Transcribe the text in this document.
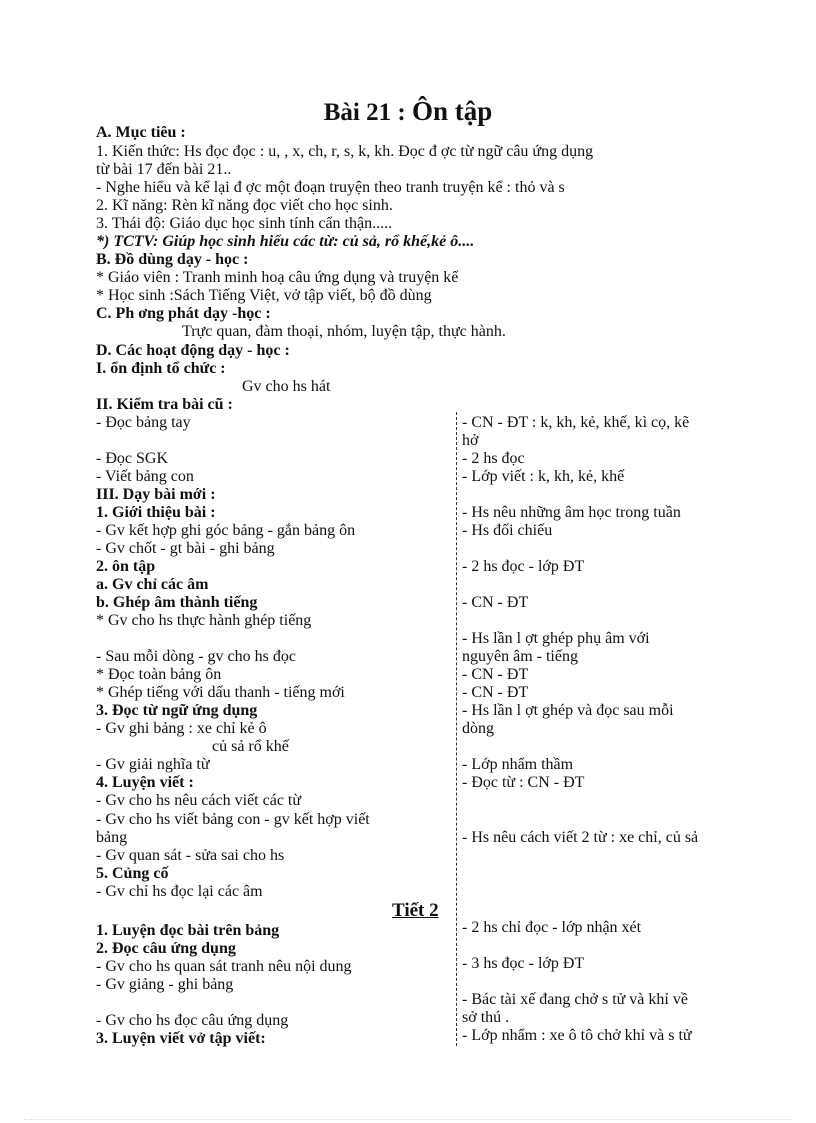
Bài 21 : Ôn tập
A. Mục tiêu :
1. Kiến thức: Hs đọc đọc : u, , x, ch, r, s, k, kh. Đọc đ ợc từ ngữ câu ứng dụng
từ bài 17 đến bài 21..
- Nghe hiểu và kể lại đ ợc một đoạn truyện theo tranh truyện kể : thỏ và s
2. Kĩ năng: Rèn kĩ năng đọc viết cho học sinh.
3. Thái độ: Giáo dục học sinh tính cẩn thận.....
*) TCTV: Giúp học sinh hiểu các từ: củ sả, rổ khế,kẻ ô....
B. Đồ dùng dạy - học :
* Giáo viên : Tranh minh hoạ câu ứng dụng và truyện kể
* Học sinh :Sách Tiếng Việt, vở tập viết, bộ đồ dùng
C. Ph ơng phát dạy -học :
Trực quan, đàm thoại, nhóm, luyện tập, thực hành.
D. Các hoạt động dạy - học :
I. ổn định tổ chức :
Gv cho hs hát
II. Kiểm tra bài cũ :
- Đọc bảng tay
- Đọc SGK
- Viết bảng con
III. Dạy bài mới :
1. Giới thiệu bài :
- Gv kết hợp ghi góc bảng - gắn bảng ôn
- Gv chốt - gt bài - ghi bảng
2. ôn tập
a. Gv chỉ các âm
b. Ghép âm thành tiếng
* Gv cho hs thực hành ghép tiếng
- Sau mỗi dòng - gv cho hs đọc
* Đọc toàn bảng ôn
* Ghép tiếng với dấu thanh - tiếng mới
3. Đọc từ ngữ ứng dụng
- Gv ghi bảng : xe chỉ kẻ ô
củ sả rổ khế
- Gv giải nghĩa từ
4. Luyện viết :
- Gv cho hs nêu cách viết các từ
- Gv cho hs viết bảng con - gv kết hợp viết
bảng
- Gv quan sát - sửa sai cho hs
5. Củng cố
- Gv chỉ hs đọc lại các âm
Tiết 2
1. Luyện đọc bài trên bảng
2. Đọc câu ứng dụng
- Gv cho hs quan sát tranh nêu nội dung
- Gv giảng - ghi bảng
- Gv cho hs đọc câu ứng dụng
3. Luyện viết vở tập viết:
- CN - ĐT : k, kh, kẻ, khế, kì cọ, kẽ
hở
- 2 hs đọc
- Lớp viết : k, kh, kẻ, khế
- Hs nêu những âm học trong tuần
- Hs đối chiếu
- 2 hs đọc - lớp ĐT
- CN - ĐT
- Hs lần l ợt ghép phụ âm với
nguyên âm - tiếng
- CN - ĐT
- CN - ĐT
- Hs lần l ợt ghép và đọc sau mỗi
dòng
- Lớp nhẩm thầm
- Đọc từ : CN - ĐT
- Hs nêu cách viết 2 từ : xe chỉ, củ sả
- 2 hs chỉ đọc - lớp nhận xét
- 3 hs đọc - lớp ĐT
- Bác tài xế đang chở s tử và khỉ về
sở thú .
- Lớp nhẩm : xe ô tô chở khỉ và s tử
